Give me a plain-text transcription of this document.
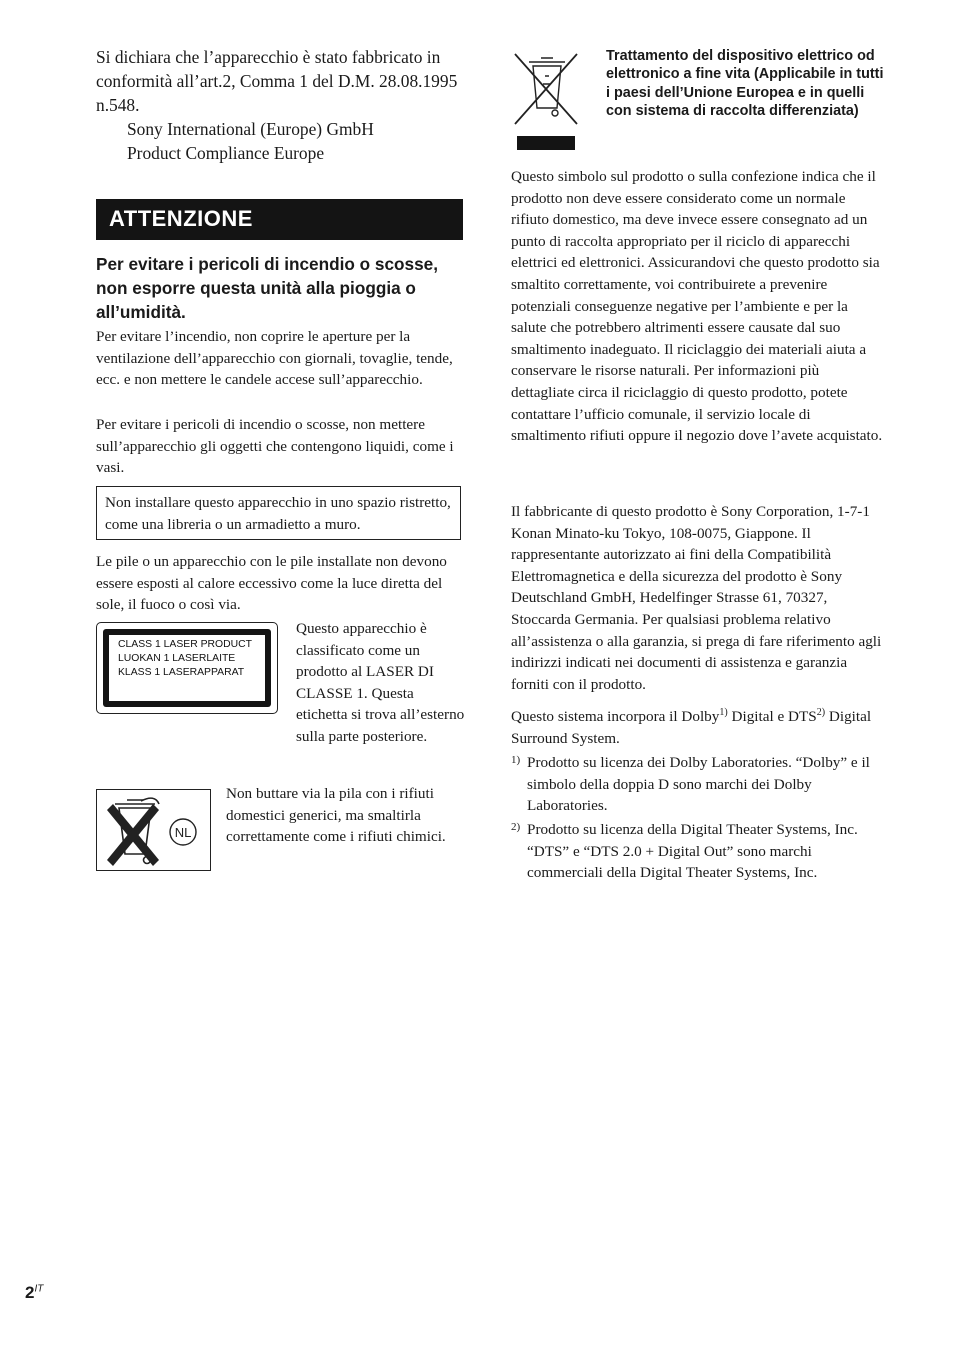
Si dichiara che l’apparecchio è stato fabbricato in conformità all’art.2, Comma 1 del D.M. 28.08.1995 n.548.

Sony International (Europe) GmbH

Product Compliance Europe

ATTENZIONE

Per evitare i pericoli di incendio o scosse, non esporre questa unità alla pioggia o all’umidità.

Per evitare l’incendio, non coprire le aperture per la ventilazione dell’apparecchio con giornali, tovaglie, tende, ecc. e non mettere le candele accese sull’apparecchio.

Per evitare i pericoli di incendio o scosse, non mettere sull’apparecchio gli oggetti che contengono liquidi, come i vasi.

Non installare questo apparecchio in uno spazio ristretto, come una libreria o un armadietto a muro.

Le pile o un apparecchio con le pile installate non devono essere esposti al calore eccessivo come la luce diretta del sole, il fuoco o così via.

CLASS 1 LASER PRODUCT
LUOKAN 1 LASERLAITE
KLASS 1 LASERAPPARAT

Questo apparecchio è classificato come un prodotto al LASER DI CLASSE 1. Questa etichetta si trova all’esterno sulla parte posteriore.

NL

Non buttare via la pila con i rifiuti domestici generici, ma smaltirla correttamente come i rifiuti chimici.

Trattamento del dispositivo elettrico od elettronico a fine vita (Applicabile in tutti i paesi dell’Unione Europea e in quelli con sistema di raccolta differenziata)

Questo simbolo sul prodotto o sulla confezione indica che il prodotto non deve essere considerato come un normale rifiuto domestico, ma deve invece essere consegnato ad un punto di raccolta appropriato per il riciclo di apparecchi elettrici ed elettronici. Assicurandovi che questo prodotto sia smaltito correttamente, voi contribuirete a prevenire potenziali conseguenze negative per l’ambiente e per la salute che potrebbero altrimenti essere causate dal suo smaltimento inadeguato. Il riciclaggio dei materiali aiuta a conservare le risorse naturali. Per informazioni più dettagliate circa il riciclaggio di questo prodotto, potete contattare l’ufficio comunale, il servizio locale di smaltimento rifiuti oppure il negozio dove l’avete acquistato.

Il fabbricante di questo prodotto è Sony Corporation, 1-7-1 Konan Minato-ku Tokyo, 108-0075, Giappone. Il rappresentante autorizzato ai fini della Compatibilità Elettromagnetica e della sicurezza del prodotto è Sony Deutschland GmbH, Hedelfinger Strasse 61, 70327, Stoccarda Germania. Per qualsiasi problema relativo all’assistenza o alla garanzia, si prega di fare riferimento agli indirizzi indicati nei documenti di assistenza e garanzia forniti con il prodotto.

Questo sistema incorpora il Dolby$^{1)}$ Digital e DTS$^{2)}$ Digital Surround System.

1) Prodotto su licenza dei Dolby Laboratories. “Dolby” e il simbolo della doppia D sono marchi dei Dolby Laboratories.

2) Prodotto su licenza della Digital Theater Systems, Inc. “DTS” e “DTS 2.0 + Digital Out” sono marchi commerciali della Digital Theater Systems, Inc.

$2^{IT}$
